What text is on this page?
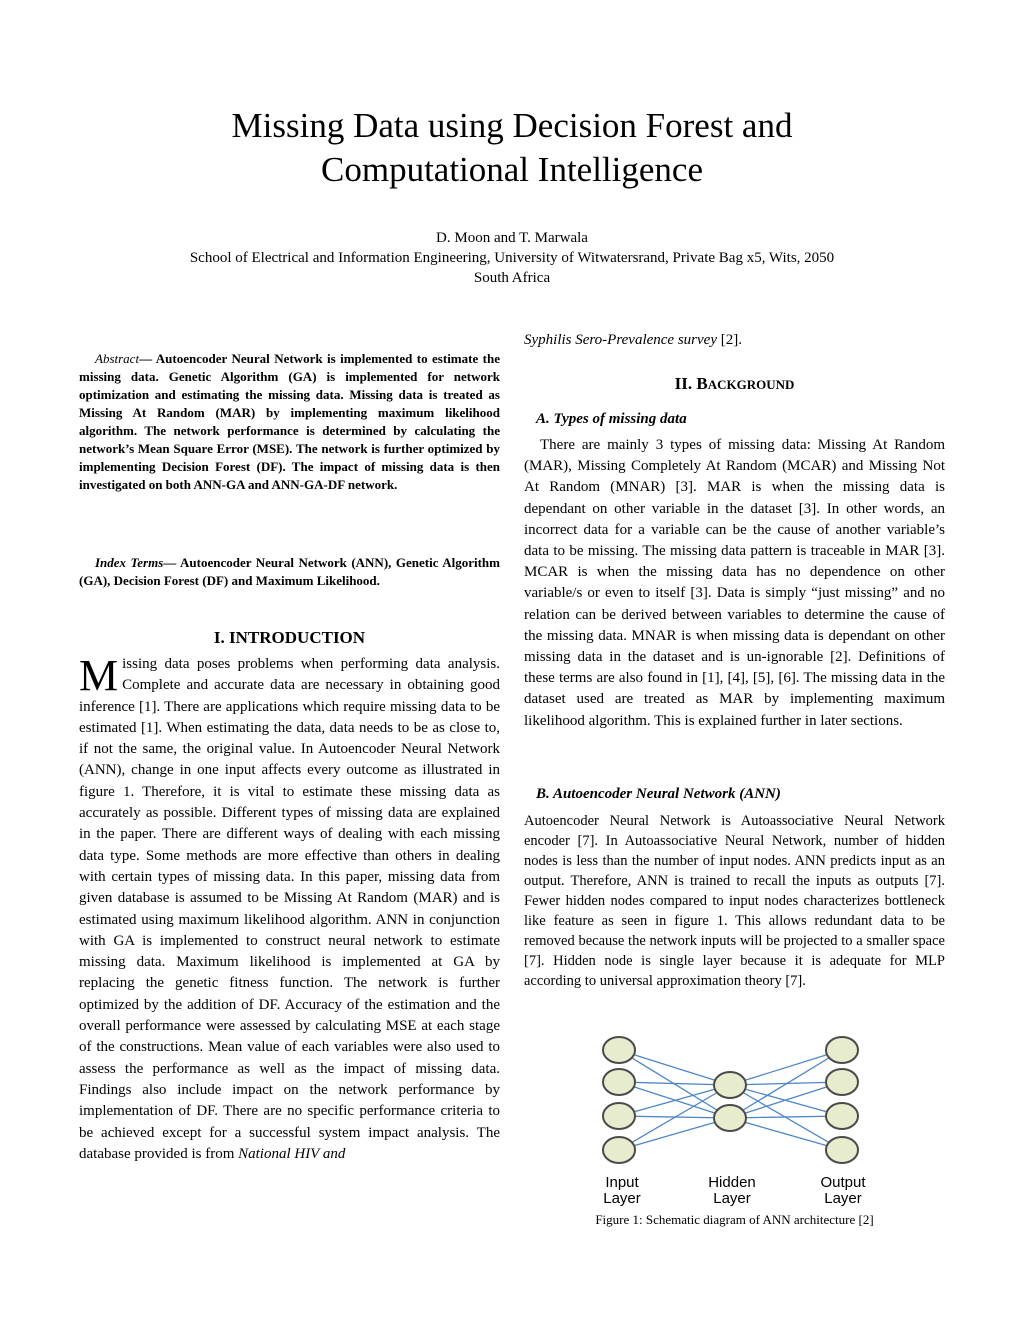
Missing Data using Decision Forest and
Computational Intelligence
D. Moon and T. Marwala
School of Electrical and Information Engineering, University of Witwatersrand, Private Bag x5, Wits, 2050
South Africa

Abstract— Autoencoder Neural Network is implemented to estimate the missing data. Genetic Algorithm (GA) is implemented for network optimization and estimating the missing data. Missing data is treated as Missing At Random (MAR) by implementing maximum likelihood algorithm. The network performance is determined by calculating the network’s Mean Square Error (MSE). The network is further optimized by implementing Decision Forest (DF). The impact of missing data is then investigated on both ANN-GA and ANN-GA-DF network.

Index Terms— Autoencoder Neural Network (ANN), Genetic Algorithm (GA), Decision Forest (DF) and Maximum Likelihood.

I. INTRODUCTION
Missing data poses problems when performing data analysis. Complete and accurate data are necessary in obtaining good inference [1]. There are applications which require missing data to be estimated [1]. When estimating the data, data needs to be as close to, if not the same, the original value. In Autoencoder Neural Network (ANN), change in one input affects every outcome as illustrated in figure 1. Therefore, it is vital to estimate these missing data as accurately as possible. Different types of missing data are explained in the paper. There are different ways of dealing with each missing data type. Some methods are more effective than others in dealing with certain types of missing data. In this paper, missing data from given database is assumed to be Missing At Random (MAR) and is estimated using maximum likelihood algorithm. ANN in conjunction with GA is implemented to construct neural network to estimate missing data. Maximum likelihood is implemented at GA by replacing the genetic fitness function. The network is further optimized by the addition of DF. Accuracy of the estimation and the overall performance were assessed by calculating MSE at each stage of the constructions. Mean value of each variables were also used to assess the performance as well as the impact of missing data. Findings also include impact on the network performance by implementation of DF. There are no specific performance criteria to be achieved except for a successful system impact analysis. The database provided is from National HIV and
Syphilis Sero-Prevalence survey [2].
II. BACKGROUND
A. Types of missing data

There are mainly 3 types of missing data: Missing At Random (MAR), Missing Completely At Random (MCAR) and Missing Not At Random (MNAR) [3]. MAR is when the missing data is dependant on other variable in the dataset [3]. In other words, an incorrect data for a variable can be the cause of another variable’s data to be missing. The missing data pattern is traceable in MAR [3]. MCAR is when the missing data has no dependence on other variable/s or even to itself [3]. Data is simply “just missing” and no relation can be derived between variables to determine the cause of the missing data. MNAR is when missing data is dependant on other missing data in the dataset and is un-ignorable [2]. Definitions of these terms are also found in [1], [4], [5], [6]. The missing data in the dataset used are treated as MAR by implementing maximum likelihood algorithm. This is explained further in later sections.

B. Autoencoder Neural Network (ANN)

Autoencoder Neural Network is Autoassociative Neural Network encoder [7]. In Autoassociative Neural Network, number of hidden nodes is less than the number of input nodes. ANN predicts input as an output. Therefore, ANN is trained to recall the inputs as outputs [7]. Fewer hidden nodes compared to input nodes characterizes bottleneck like feature as seen in figure 1. This allows redundant data to be removed because the network inputs will be projected to a smaller space [7]. Hidden node is single layer because it is adequate for MLP according to universal approximation theory [7].

Input
Layer
Hidden
Layer
Output
Layer
Figure 1: Schematic diagram of ANN architecture [2]
